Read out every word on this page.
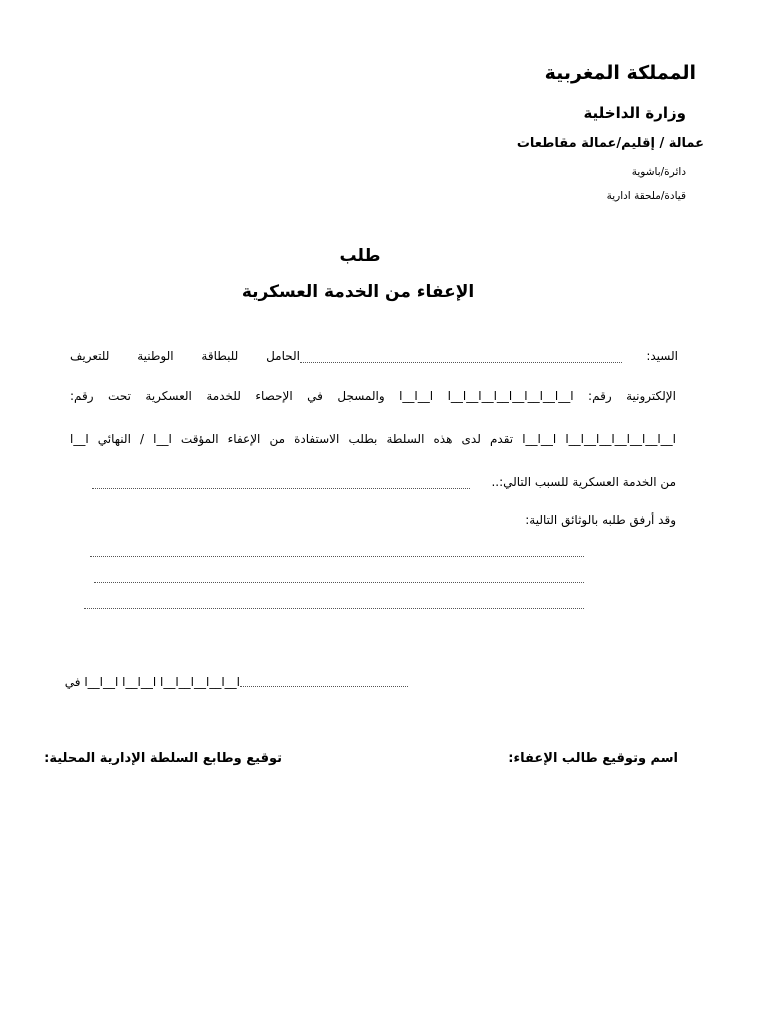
المملكة المغربية
وزارة الداخلية
عمالة / إقليم/عمالة مقاطعات
دائرة/باشوية
قيادة/ملحقة ادارية
طلب
الإعفاء من الخدمة العسكرية
السيد:
الحامل للبطاقة الوطنية للتعريف
الإلكترونية رقم: ا__ا__ا__ا__ا__ا__ا__ا__ا ا__ا__ا والمسجل في الإحصاء للخدمة العسكرية تحت رقم:
ا__ا__ا__ا__ا__ا__ا__ا ا__ا__ا تقدم لدى هذه السلطة بطلب الاستفادة من الإعفاء المؤقت ا__ا / النهائي ا__ا
من الخدمة العسكرية للسبب التالي:..
وقد أرفق طلبه بالوثائق التالية:
ا__ا__ا__ا__ا__ا ا__ا__ا ا__ا__ا في
اسم وتوقيع طالب الإعفاء:
توقيع وطابع السلطة الإدارية المحلية:
